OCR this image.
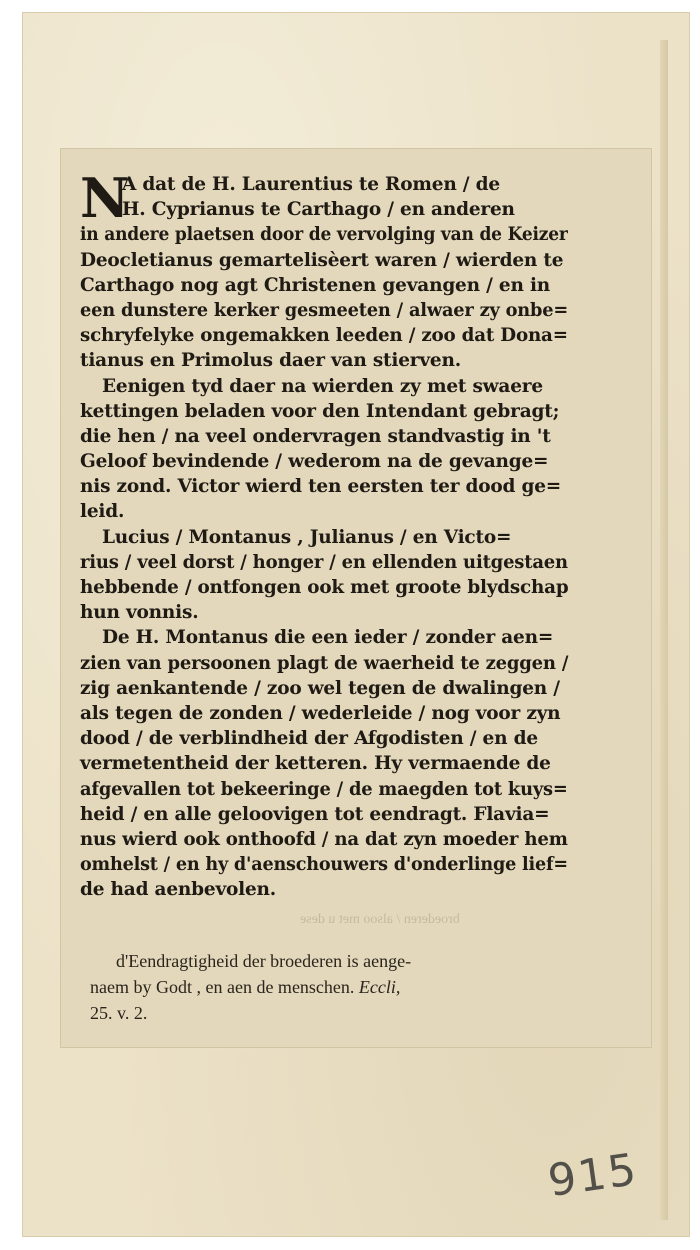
N
A dat de H. Laurentius te Romen / de
H. Cyprianus te Carthago / en anderen
in andere plaetsen door de vervolging van de Keizer
Deocletianus gemartelisèert waren / wierden te
Carthago nog agt Christenen gevangen / en in
een dunstere kerker gesmeeten / alwaer zy onbe=
schryfelyke ongemakken leeden / zoo dat Dona=
tianus en Primolus daer van stierven.
Eenigen tyd daer na wierden zy met swaere
kettingen beladen voor den Intendant gebragt;
die hen / na veel ondervragen standvastig in 't
Geloof bevindende / wederom na de gevange=
nis zond. Victor wierd ten eersten ter dood ge=
leid.
Lucius / Montanus , Julianus / en Victo=
rius / veel dorst / honger / en ellenden uitgestaen
hebbende / ontfongen ook met groote blydschap
hun vonnis.
De H. Montanus die een ieder / zonder aen=
zien van persoonen plagt de waerheid te zeggen /
zig aenkantende / zoo wel tegen de dwalingen /
als tegen de zonden / wederleide / nog voor zyn
dood / de verblindheid der Afgodisten / en de
vermetentheid der ketteren. Hy vermaende de
afgevallen tot bekeeringe / de maegden tot kuys=
heid / en alle geloovigen tot eendragt. Flavia=
nus wierd ook onthoofd / na dat zyn moeder hem
omhelst / en hy d'aenschouwers d'onderlinge lief=
de had aenbevolen.
broederen / alsoo met u dese
d'Eendragtigheid der broederen is aenge-
naem by Godt , en aen de menschen. Eccli,
25. v. 2.
915
